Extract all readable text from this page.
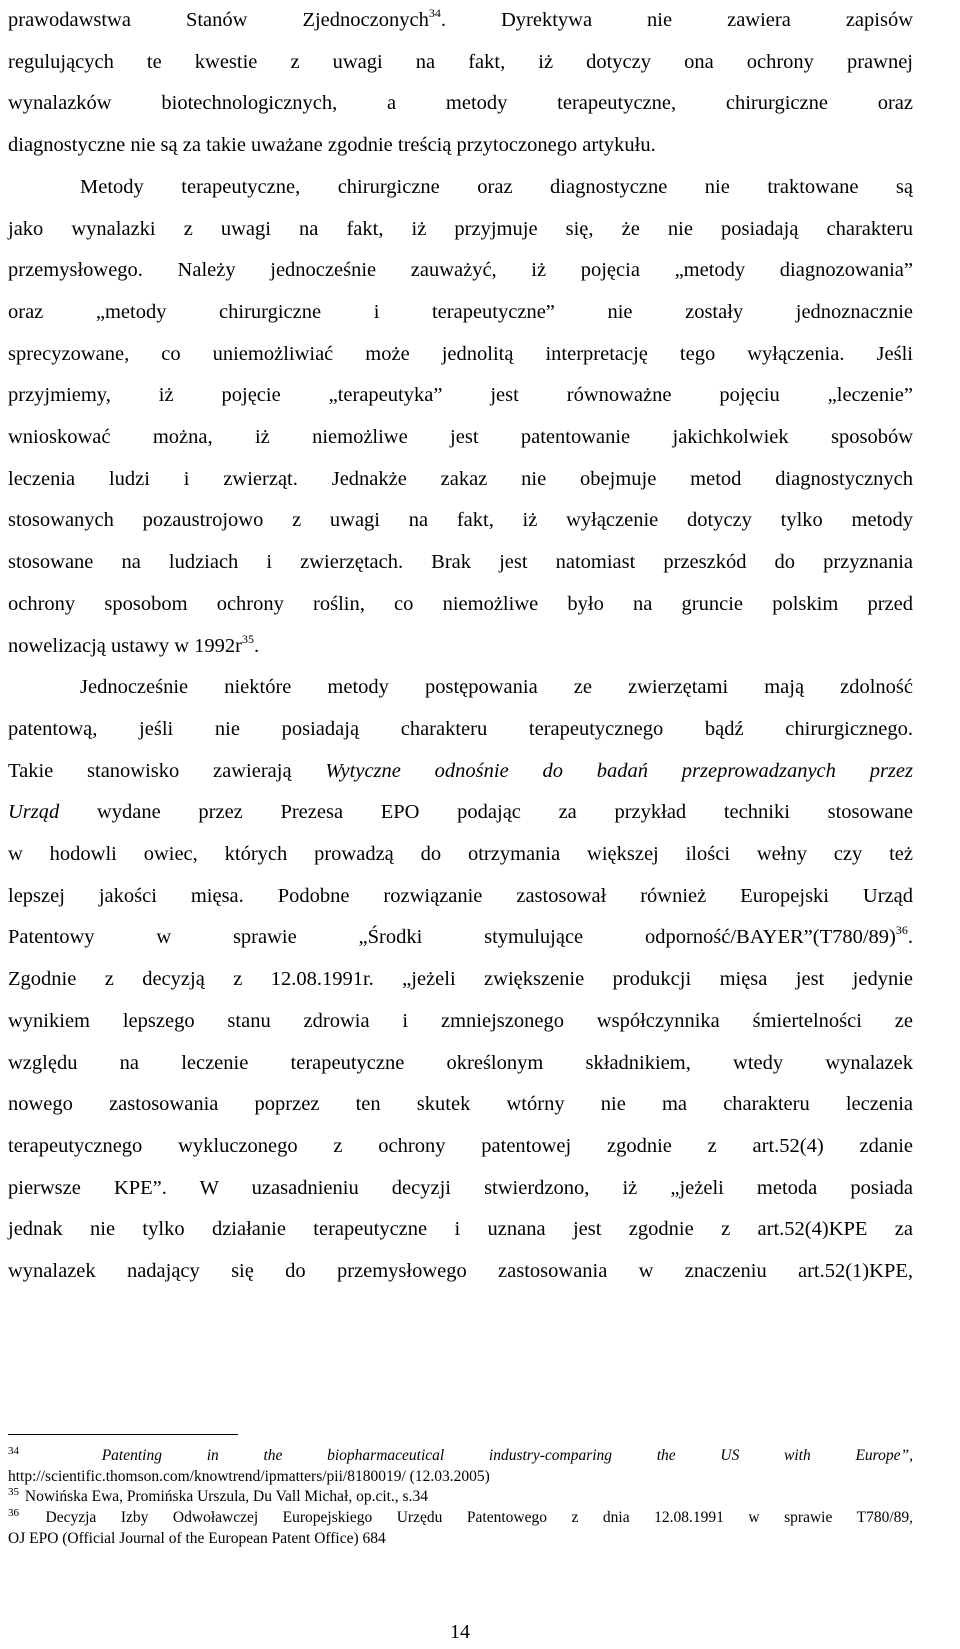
prawodawstwa Stanów Zjednoczonych$^{34}$. Dyrektywa nie zawiera zapisów
regulujących te kwestie z uwagi na fakt, iż dotyczy ona ochrony prawnej
wynalazków biotechnologicznych, a metody terapeutyczne, chirurgiczne oraz
diagnostyczne nie są za takie uważane zgodnie treścią przytoczonego artykułu.
Metody terapeutyczne, chirurgiczne oraz diagnostyczne nie traktowane są
jako wynalazki z uwagi na fakt, iż przyjmuje się, że nie posiadają charakteru
przemysłowego. Należy jednocześnie zauważyć, iż pojęcia „metody diagnozowania”
oraz „metody chirurgiczne i terapeutyczne” nie zostały jednoznacznie
sprecyzowane, co uniemożliwiać może jednolitą interpretację tego wyłączenia. Jeśli
przyjmiemy, iż pojęcie „terapeutyka” jest równoważne pojęciu „leczenie”
wnioskować można, iż niemożliwe jest patentowanie jakichkolwiek sposobów
leczenia ludzi i zwierząt. Jednakże zakaz nie obejmuje metod diagnostycznych
stosowanych pozaustrojowo z uwagi na fakt, iż wyłączenie dotyczy tylko metody
stosowane na ludziach i zwierzętach. Brak jest natomiast przeszkód do przyznania
ochrony sposobom ochrony roślin, co niemożliwe było na gruncie polskim przed
nowelizacją ustawy w $1992r^{35}$.
Jednocześnie niektóre metody postępowania ze zwierzętami mają zdolność
patentową, jeśli nie posiadają charakteru terapeutycznego bądź chirurgicznego.
Takie stanowisko zawierają Wytyczne odnośnie do badań przeprowadzanych przez
Urząd wydane przez Prezesa EPO podając za przykład techniki stosowane
w hodowli owiec, których prowadzą do otrzymania większej ilości wełny czy też
lepszej jakości mięsa. Podobne rozwiązanie zastosował również Europejski Urząd
Patentowy w sprawie „Środki stymulujące odporność/$BAYER”(T780/89)^{36}$.
Zgodnie z decyzją z 12.08.1991r. „jeżeli zwiększenie produkcji mięsa jest jedynie
wynikiem lepszego stanu zdrowia i zmniejszonego współczynnika śmiertelności ze
względu na leczenie terapeutyczne określonym składnikiem, wtedy wynalazek
nowego zastosowania poprzez ten skutek wtórny nie ma charakteru leczenia
terapeutycznego wykluczonego z ochrony patentowej zgodnie z art.52(4) zdanie
pierwsze KPE”. W uzasadnieniu decyzji stwierdzono, iż „jeżeli metoda posiada
jednak nie tylko działanie terapeutyczne i uznana jest zgodnie z art.52(4)KPE za
wynalazek nadający się do przemysłowego zastosowania w znaczeniu art.52(1)KPE,
$^{34}$	Patenting in the biopharmaceutical industry-comparing the US with Europe”,
http://scientific.thomson.com/knowtrend/ipmatters/pii/8180019/ (12.03.2005)
$^{35}$ Nowińska Ewa, Promińska Urszula, Du Vall Michał, op.cit., s.34
$^{36}$ Decyzja Izby Odwoławczej Europejskiego Urzędu Patentowego z dnia 12.08.1991 w sprawie T780/89,
OJ EPO (Official Journal of the European Patent Office) 684
14
